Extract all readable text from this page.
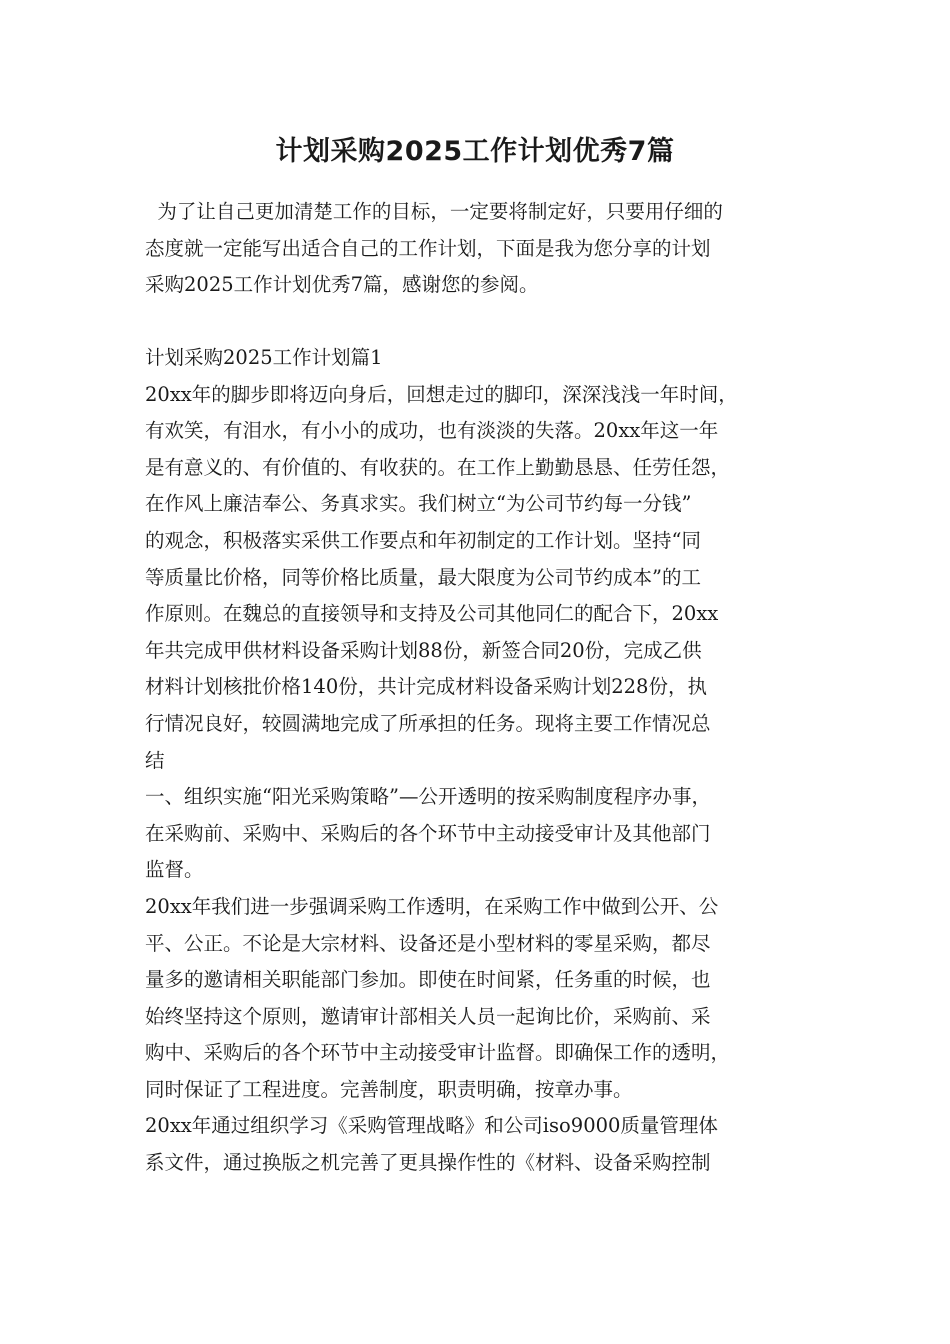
计划采购2025工作计划优秀7篇
为了让自己更加清楚工作的目标，一定要将制定好，只要用仔细的
态度就一定能写出适合自己的工作计划，下面是我为您分享的计划
采购2025工作计划优秀7篇，感谢您的参阅。
计划采购2025工作计划篇1
20xx年的脚步即将迈向身后，回想走过的脚印，深深浅浅一年时间，
有欢笑，有泪水，有小小的成功，也有淡淡的失落。20xx年这一年
是有意义的、有价值的、有收获的。在工作上勤勤恳恳、任劳任怨，
在作风上廉洁奉公、务真求实。我们树立“为公司节约每一分钱”
的观念，积极落实采供工作要点和年初制定的工作计划。坚持“同
等质量比价格，同等价格比质量，最大限度为公司节约成本”的工
作原则。在魏总的直接领导和支持及公司其他同仁的配合下，20xx
年共完成甲供材料设备采购计划88份，新签合同20份，完成乙供
材料计划核批价格140份，共计完成材料设备采购计划228份，执
行情况良好，较圆满地完成了所承担的任务。现将主要工作情况总
结
一、组织实施“阳光采购策略”—公开透明的按采购制度程序办事，
在采购前、采购中、采购后的各个环节中主动接受审计及其他部门
监督。
20xx年我们进一步强调采购工作透明，在采购工作中做到公开、公
平、公正。不论是大宗材料、设备还是小型材料的零星采购，都尽
量多的邀请相关职能部门参加。即使在时间紧，任务重的时候，也
始终坚持这个原则，邀请审计部相关人员一起询比价，采购前、采
购中、采购后的各个环节中主动接受审计监督。即确保工作的透明，
同时保证了工程进度。完善制度，职责明确，按章办事。
20xx年通过组织学习《采购管理战略》和公司iso9000质量管理体
系文件，通过换版之机完善了更具操作性的《材料、设备采购控制
